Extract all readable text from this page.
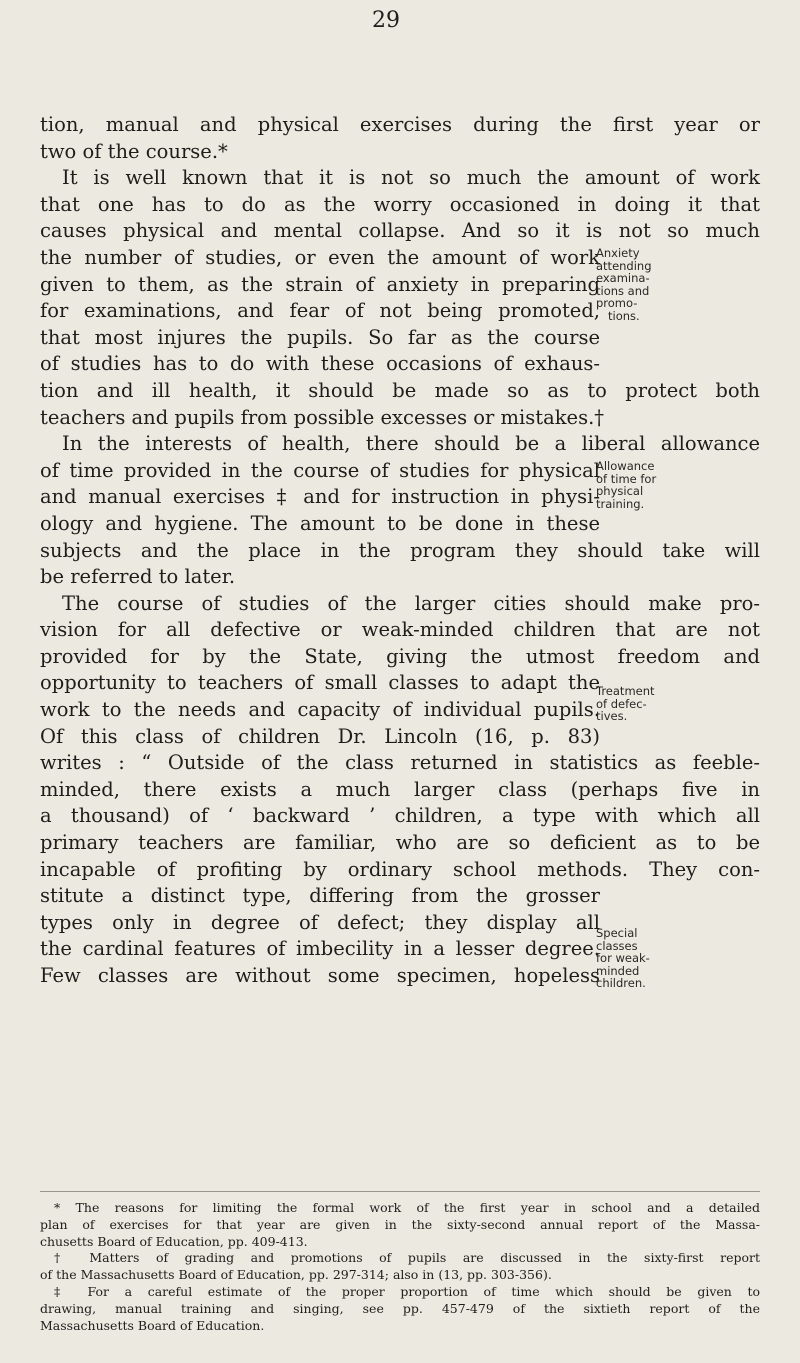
29
tion, manual and physical exercises during the first year or
two of the course.*
It is well known that it is not so much the amount of work
that one has to do as the worry occasioned in doing it that
causes physical and mental collapse. And so it is not so much
the number of studies, or even the amount of work
given to them, as the strain of anxiety in preparing
for examinations, and fear of not being promoted,
that most injures the pupils. So far as the course
of studies has to do with these occasions of exhaus-
tion and ill health, it should be made so as to protect both
teachers and pupils from possible excesses or mistakes.†
In the interests of health, there should be a liberal allowance
of time provided in the course of studies for physical
and manual exercises ‡ and for instruction in physi-
ology and hygiene. The amount to be done in these
subjects and the place in the program they should take will
be referred to later.
The course of studies of the larger cities should make pro-
vision for all defective or weak-minded children that are not
provided for by the State, giving the utmost freedom and
opportunity to teachers of small classes to adapt the
work to the needs and capacity of individual pupils.
Of this class of children Dr. Lincoln (16, p. 83)
writes : “ Outside of the class returned in statistics as feeble-
minded, there exists a much larger class (perhaps five in
a thousand) of ‘ backward ’ children, a type with which all
primary teachers are familiar, who are so deficient as to be
incapable of profiting by ordinary school methods. They con-
stitute a distinct type, differing from the grosser
types only in degree of defect; they display all
the cardinal features of imbecility in a lesser degree.
Few classes are without some specimen, hopeless
Anxiety
attending
examina-
tions and
promo-
tions.
Allowance
of time for
physical
training.
Treatment
of defec-
tives.
Special
classes
for weak-
minded
children.
* The reasons for limiting the formal work of the first year in school and a detailed
plan of exercises for that year are given in the sixty-second annual report of the Massa-
chusetts Board of Education, pp. 409-413.
† Matters of grading and promotions of pupils are discussed in the sixty-first report
of the Massachusetts Board of Education, pp. 297-314; also in (13, pp. 303-356).
‡ For a careful estimate of the proper proportion of time which should be given to
drawing, manual training and singing, see pp. 457-479 of the sixtieth report of the
Massachusetts Board of Education.
